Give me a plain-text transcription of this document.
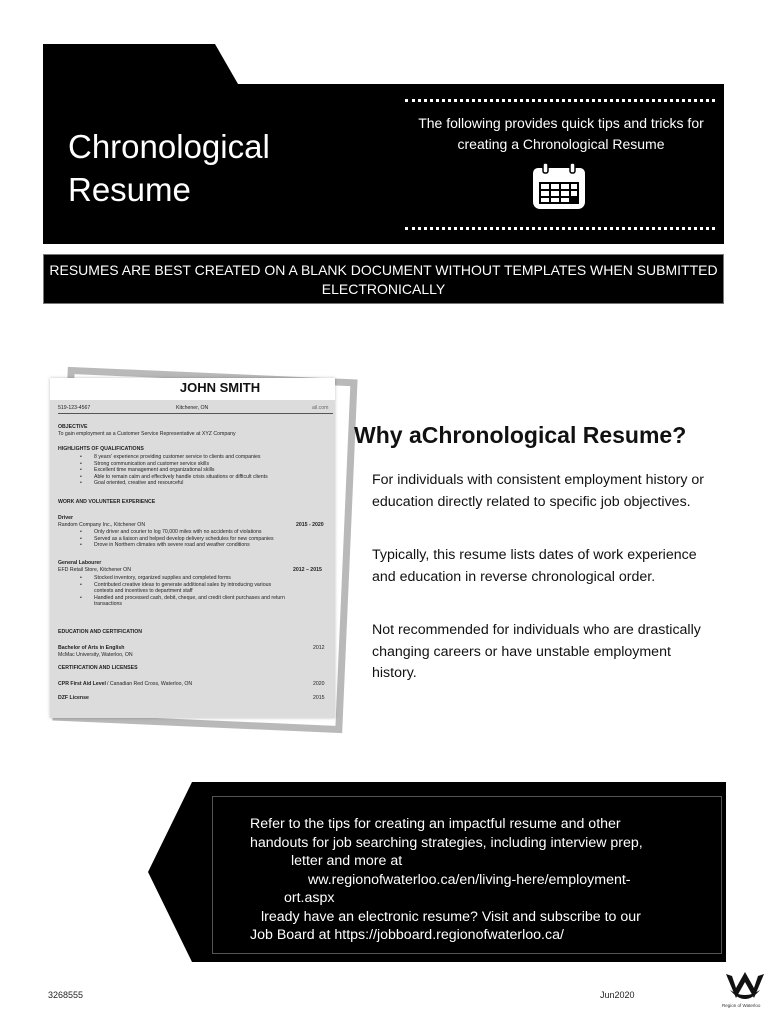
Chronological
Resume
The following provides quick tips and tricks for creating a Chronological Resume
RESUMES ARE BEST CREATED ON A BLANK DOCUMENT WITHOUT TEMPLATES WHEN SUBMITTED ELECTRONICALLY
JOHN SMITH
519-123-4567	Kitchener, ON	ail.com
OBJECTIVE
To gain employment as a Customer Service Representative at XYZ Company
HIGHLIGHTS OF QUALIFICATIONS
• 8 years' experience providing customer service to clients and companies
• Strong communication and customer service skills
• Excellent time management and organizational skills
• Able to remain calm and effectively handle crisis situations or difficult clients
• Goal oriented, creative and resourceful
WORK AND VOLUNTEER EXPERIENCE
Driver
Random Company Inc., Kitchener ON	2015 - 2020
• Only driver and courier to log 70,000 miles with no accidents of violations
• Served as a liaison and helped develop delivery schedules for new companies
• Drove in Northern climates with severe road and weather conditions
General Labourer
EFD Retail Store, Kitchener ON	2012 – 2015
• Stocked inventory, organized supplies and completed forms
• Contributed creative ideas to generate additional sales by introducing various
contests and incentives to department staff
• Handled and processed cash, debit, cheque, and credit client purchases and return
transactions
EDUCATION AND CERTIFICATION
Bachelor of Arts in English
McMac University, Waterloo, ON
2012
CERTIFICATION AND LICENSES
CPR First Aid Level / Canadian Red Cross, Waterloo, ON	2020
DZF License	2015
Why aChronological Resume?
For individuals with consistent employment history or education directly related to specific job objectives.
Typically, this resume lists dates of work experience and education in reverse chronological order.
Not recommended for individuals who are drastically changing careers or have unstable employment history.
Refer to the tips for creating an impactful resume and other
handouts for job searching strategies, including interview prep,
letter and more at
ww.regionofwaterloo.ca/en/living-here/employment-
ort.aspx
lready have an electronic resume? Visit and subscribe to our
Job Board at https://jobboard.regionofwaterloo.ca/
3268555	Jun2020
Region of Waterloo
